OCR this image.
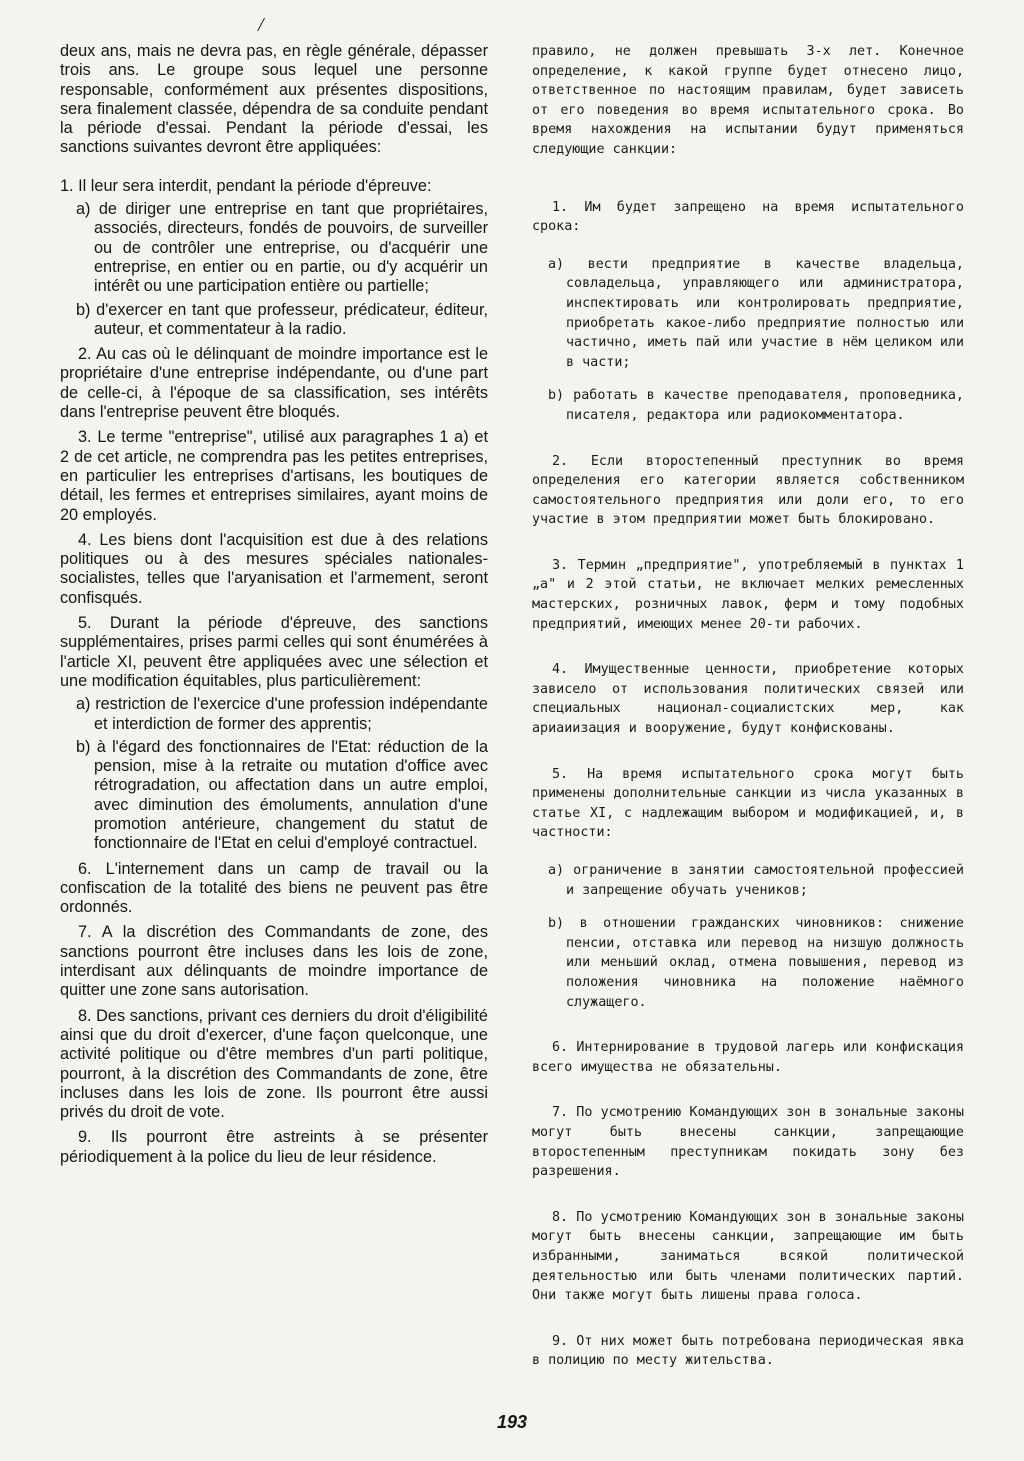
/

deux ans, mais ne devra pas, en règle générale, dépasser trois ans. Le groupe sous lequel une personne responsable, conformément aux présentes dispositions, sera finalement classée, dépendra de sa conduite pendant la période d'essai. Pendant la période d'essai, les sanctions suivantes devront être appliquées:

1. Il leur sera interdit, pendant la période d'épreuve:

a) de diriger une entreprise en tant que propriétaires, associés, directeurs, fondés de pouvoirs, de surveiller ou de contrôler une entreprise, ou d'acquérir une entreprise, en entier ou en partie, ou d'y acquérir un intérêt ou une participation entière ou partielle;

b) d'exercer en tant que professeur, prédicateur, éditeur, auteur, et commentateur à la radio.

2. Au cas où le délinquant de moindre importance est le propriétaire d'une entreprise indépendante, ou d'une part de celle-ci, à l'époque de sa classification, ses intérêts dans l'entreprise peuvent être bloqués.

3. Le terme "entreprise", utilisé aux paragraphes 1 a) et 2 de cet article, ne comprendra pas les petites entreprises, en particulier les entreprises d'artisans, les boutiques de détail, les fermes et entreprises similaires, ayant moins de 20 employés.

4. Les biens dont l'acquisition est due à des relations politiques ou à des mesures spéciales nationales-socialistes, telles que l'aryanisation et l'armement, seront confisqués.

5. Durant la période d'épreuve, des sanctions supplémentaires, prises parmi celles qui sont énumérées à l'article XI, peuvent être appliquées avec une sélection et une modification équitables, plus particulièrement:

a) restriction de l'exercice d'une profession indépendante et interdiction de former des apprentis;

b) à l'égard des fonctionnaires de l'Etat: réduction de la pension, mise à la retraite ou mutation d'office avec rétrogradation, ou affectation dans un autre emploi, avec diminution des émoluments, annulation d'une promotion antérieure, changement du statut de fonctionnaire de l'Etat en celui d'employé contractuel.

6. L'internement dans un camp de travail ou la confiscation de la totalité des biens ne peuvent pas être ordonnés.

7. A la discrétion des Commandants de zone, des sanctions pourront être incluses dans les lois de zone, interdisant aux délinquants de moindre importance de quitter une zone sans autorisation.

8. Des sanctions, privant ces derniers du droit d'éligibilité ainsi que du droit d'exercer, d'une façon quelconque, une activité politique ou d'être membres d'un parti politique, pourront, à la discrétion des Commandants de zone, être incluses dans les lois de zone. Ils pourront être aussi privés du droit de vote.

9. Ils pourront être astreints à se présenter périodiquement à la police du lieu de leur résidence.

правило, не должен превышать 3-х лет. Конечное определение, к какой группе будет отнесено лицо, ответственное по настоящим правилам, будет зависеть от его поведения во время испытательного срока. Во время нахождения на испытании будут применяться следующие санкции:

1. Им будет запрещено на время испытательного срока:

a) вести предприятие в качестве владельца, совладельца, управляющего или администратора, инспектировать или контролировать предприятие, приобретать какое-либо предприятие полностью или частично, иметь пай или участие в нём целиком или в части;

b) работать в качестве преподавателя, проповедника, писателя, редактора или радиокомментатора.

2. Если второстепенный преступник во время определения его категории является собственником самостоятельного предприятия или доли его, то его участие в этом предприятии может быть блокировано.

3. Термин „предприятие", употребляемый в пунктах 1 „а" и 2 этой статьи, не включает мелких ремесленных мастерских, розничных лавок, ферм и тому подобных предприятий, имеющих менее 20-ти рабочих.

4. Имущественные ценности, приобретение которых зависело от использования политических связей или специальных национал-социалистских мер, как ариаиизация и вооружение, будут конфискованы.

5. На время испытательного срока могут быть применены дополнительные санкции из числа указанных в статье XI, с надлежащим выбором и модификацией, и, в частности:

a) ограничение в занятии самостоятельной профессией и запрещение обучать учеников;

b) в отношении гражданских чиновников: снижение пенсии, отставка или перевод на низшую должность или меньший оклад, отмена повышения, перевод из положения чиновника на положение наёмного служащего.

6. Интернирование в трудовой лагерь или конфискация всего имущества не обязательны.

7. По усмотрению Командующих зон в зональные законы могут быть внесены санкции, запрещающие второстепенным преступникам покидать зону без разрешения.

8. По усмотрению Командующих зон в зональные законы могут быть внесены санкции, запрещающие им быть избранными, заниматься всякой политической деятельностью или быть членами политических партий. Они также могут быть лишены права голоса.

9. От них может быть потребована периодическая явка в полицию по месту жительства.

193
